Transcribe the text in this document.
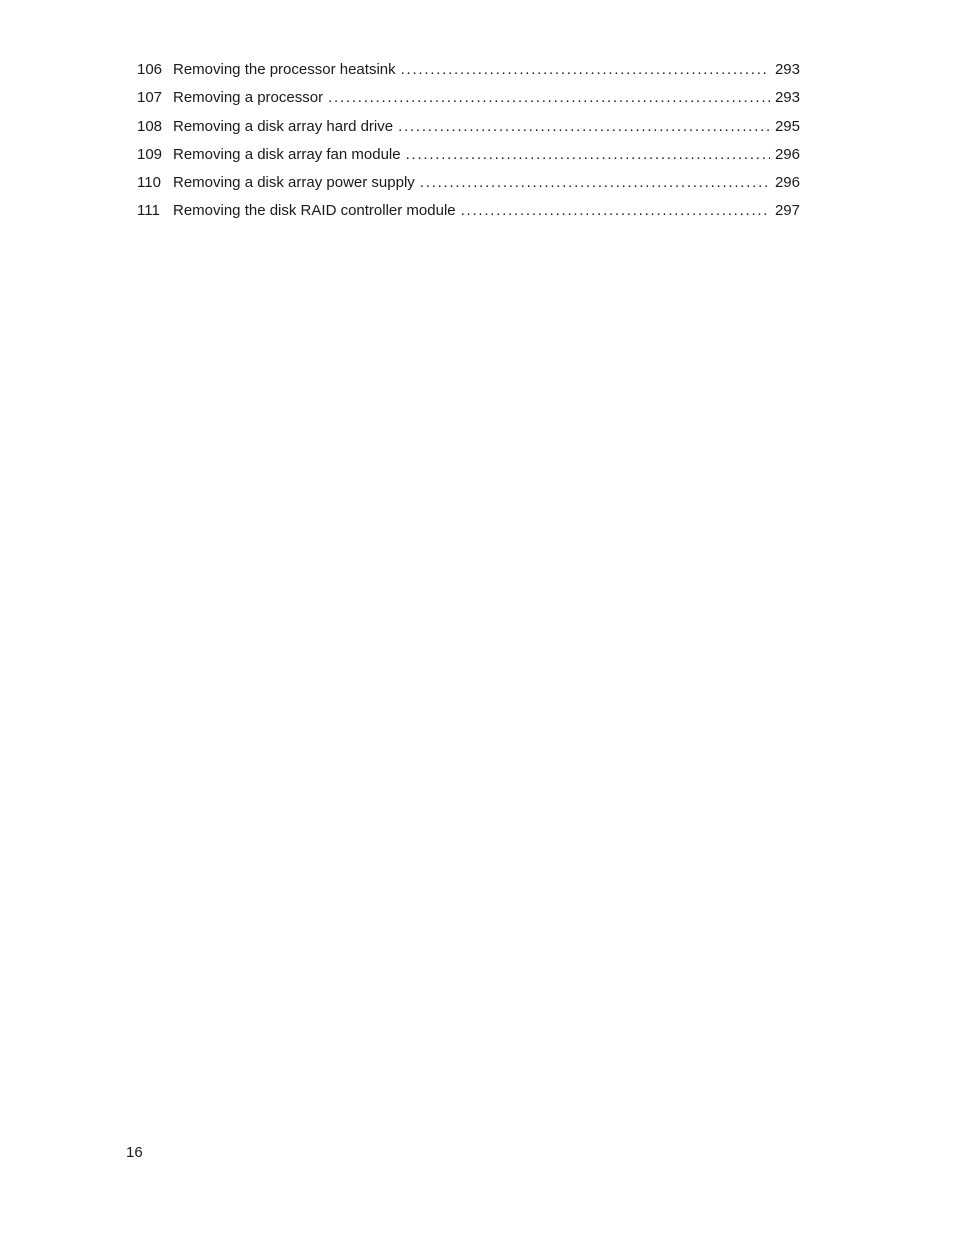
106 Removing the processor heatsink . . .	293
107 Removing a processor . . .	293
108 Removing a disk array hard drive . . .	295
109 Removing a disk array fan module . . .	296
110 Removing a disk array power supply . . .	296
111 Removing the disk RAID controller module . . .	297
16
